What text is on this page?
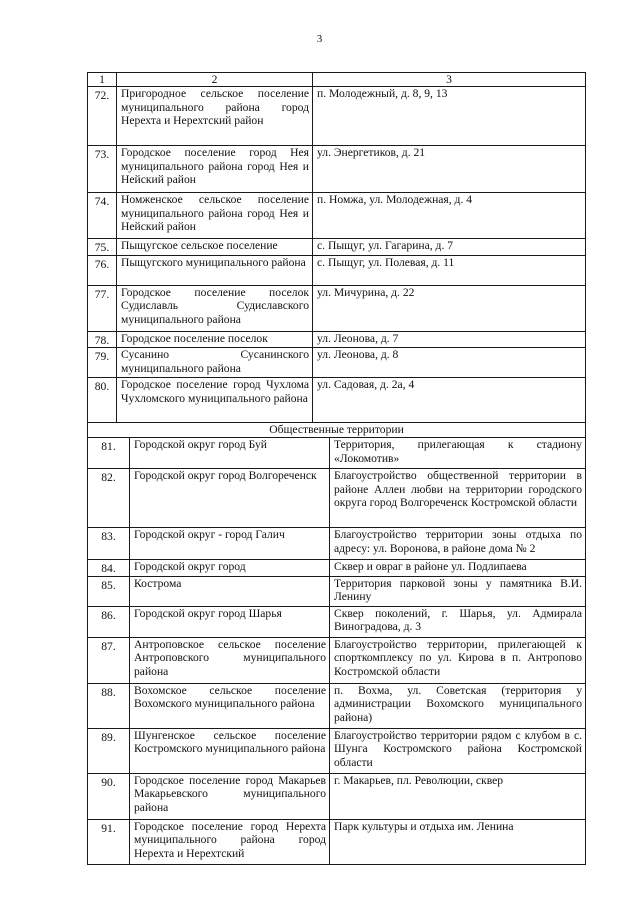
3
1	2	3
72.	Пригородное сельское поселение муниципального района город Нерехта и Нерехтский район	п. Молодежный, д. 8, 9, 13
73.	Городское поселение город Нея муниципального района город Нея и Нейский район	ул. Энергетиков, д. 21
74.	Номженское сельское поселение муниципального района город Нея и Нейский район	п. Номжа, ул. Молодежная, д. 4
75.	Пыщугское сельское поселение	с. Пыщуг, ул. Гагарина, д. 7
76.	Пыщугского муниципального района	с. Пыщуг, ул. Полевая, д. 11
77.	Городское поселение поселок Судиславль Судиславского муниципального района	ул. Мичурина, д. 22
78.	Городское поселение поселок	ул. Леонова, д. 7
79.	Сусанино Сусанинского муниципального района	ул. Леонова, д. 8
80.	Городское поселение город Чухлома Чухломского муниципального района	ул. Садовая, д. 2а, 4
Общественные территории		
81.	Городской округ город Буй	Территория, прилегающая к стадиону «Локомотив»
82.	Городской округ город Волгореченск	Благоустройство общественной территории в районе Аллеи любви на территории городского округа город Волгореченск Костромской области
83.	Городской округ - город Галич	Благоустройство территории зоны отдыха по адресу: ул. Воронова, в районе дома № 2
84.	Городской округ город	Сквер и овраг в районе ул. Подлипаева
85.	Кострома	Территория парковой зоны у памятника В.И. Ленину
86.	Городской округ город Шарья	Сквер поколений, г. Шарья, ул. Адмирала Виноградова, д. 3
87.	Антроповское сельское поселение Антроповского муниципального района	Благоустройство территории, прилегающей к спорткомплексу по ул. Кирова в п. Антропово Костромской области
88.	Вохомское сельское поселение Вохомского муниципального района	п. Вохма, ул. Советская (территория у администрации Вохомского муниципального района)
89.	Шунгенское сельское поселение Костромского муниципального района	Благоустройство территории рядом с клубом в с. Шунга Костромского района Костромской области
90.	Городское поселение город Макарьев Макарьевского муниципального района	г. Макарьев, пл. Революции, сквер
91.	Городское поселение город Нерехта муниципального района город Нерехта и Нерехтский	Парк культуры и отдыха им. Ленина
